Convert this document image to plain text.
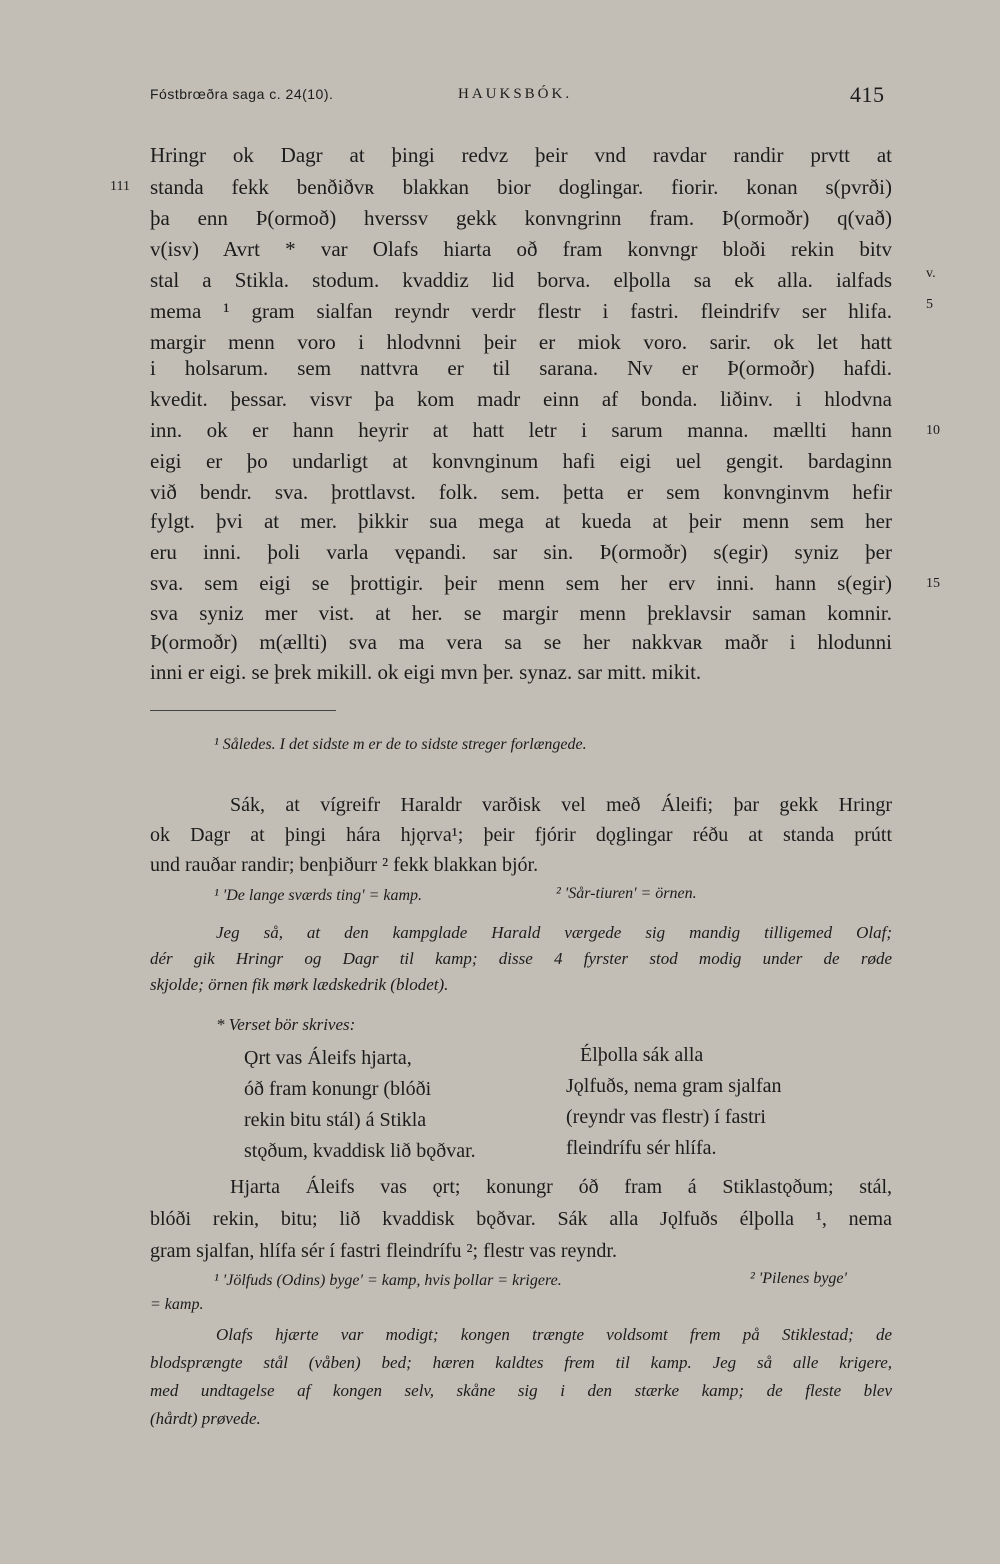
Fóstbrœðra saga c. 24(10).	HAUKSBÓK.	415
Hringr ok Dagr at þingi redvz þeir vnd ravdar randir prvtt at
standa fekk benðiðvʀ blakkan bior doglingar. fiorir. konan s(pvrði)
þa enn Þ(ormoð) hverssv gekk konvngrinn fram. Þ(ormoðr) q(vað)
v(isv) Avrt * var Olafs hiarta oð fram konvngr bloði rekin bitv
stal a Stikla. stodum. kvaddiz lid borva. elþolla sa ek alla. ialfads
mema ¹ gram sialfan reyndr verdr flestr i fastri. fleindrifv ser hlifa.
margir menn voro i hlodvnni þeir er miok voro. sarir. ok let hatt
i holsarum. sem nattvra er til sarana. Nv er Þ(ormoðr) hafdi.
kvedit. þessar. visvr þa kom madr einn af bonda. liðinv. i hlodvna
inn. ok er hann heyrir at hatt letr i sarum manna. mællti hann
eigi er þo undarligt at konvnginum hafi eigi uel gengit. bardaginn
við bendr. sva. þrottlavst. folk. sem. þetta er sem konvnginvm hefir
fylgt. þvi at mer. þikkir sua mega at kueda at þeir menn sem her
eru inni. þoli varla vępandi. sar sin. Þ(ormoðr) s(egir) syniz þer
sva. sem eigi se þrottigir. þeir menn sem her erv inni. hann s(egir)
sva syniz mer vist. at her. se margir menn þreklavsir saman komnir.
Þ(ormoðr) m(ællti) sva ma vera sa se her nakkvaʀ maðr i hlodunni
inni er eigi. se þrek mikill. ok eigi mvn þer. synaz. sar mitt. mikit.
111
v.
5
10
15
¹ Således. I det sidste m er de to sidste streger forlængede.
Sák, at vígreifr Haraldr varðisk vel með Áleifi; þar gekk Hringr
ok Dagr at þingi hára hjǫrva¹; þeir fjórir dǫglingar réðu at standa prútt
und rauðar randir; benþiðurr ² fekk blakkan bjór.
¹ 'De lange sværds ting' = kamp.	² 'Sår-tiuren' = örnen.
Jeg så, at den kampglade Harald værgede sig mandig tilligemed Olaf;
dér gik Hringr og Dagr til kamp; disse 4 fyrster stod modig under de røde
skjolde; örnen fik mørk lædskedrik (blodet).
* Verset bör skrives:
Ǫrt vas Áleifs hjarta,
óð fram konungr (blóði
rekin bitu stál) á Stikla
stǫðum, kvaddisk lið bǫðvar.
Élþolla sák alla
Jǫlfuðs, nema gram sjalfan
(reyndr vas flestr) í fastri
fleindrífu sér hlífa.
Hjarta Áleifs vas ǫrt; konungr óð fram á Stiklastǫðum; stál,
blóði rekin, bitu; lið kvaddisk bǫðvar. Sák alla Jǫlfuðs élþolla ¹, nema
gram sjalfan, hlífa sér í fastri fleindrífu ²; flestr vas reyndr.
¹ 'Jölfuds (Odins) byge' = kamp, hvis þollar = krigere.	² 'Pilenes byge'
= kamp.
Olafs hjærte var modigt; kongen trængte voldsomt frem på Stiklestad; de
blodsprængte stål (våben) bed; hæren kaldtes frem til kamp. Jeg så alle krigere,
med undtagelse af kongen selv, skåne sig i den stærke kamp; de fleste blev
(hårdt) prøvede.
